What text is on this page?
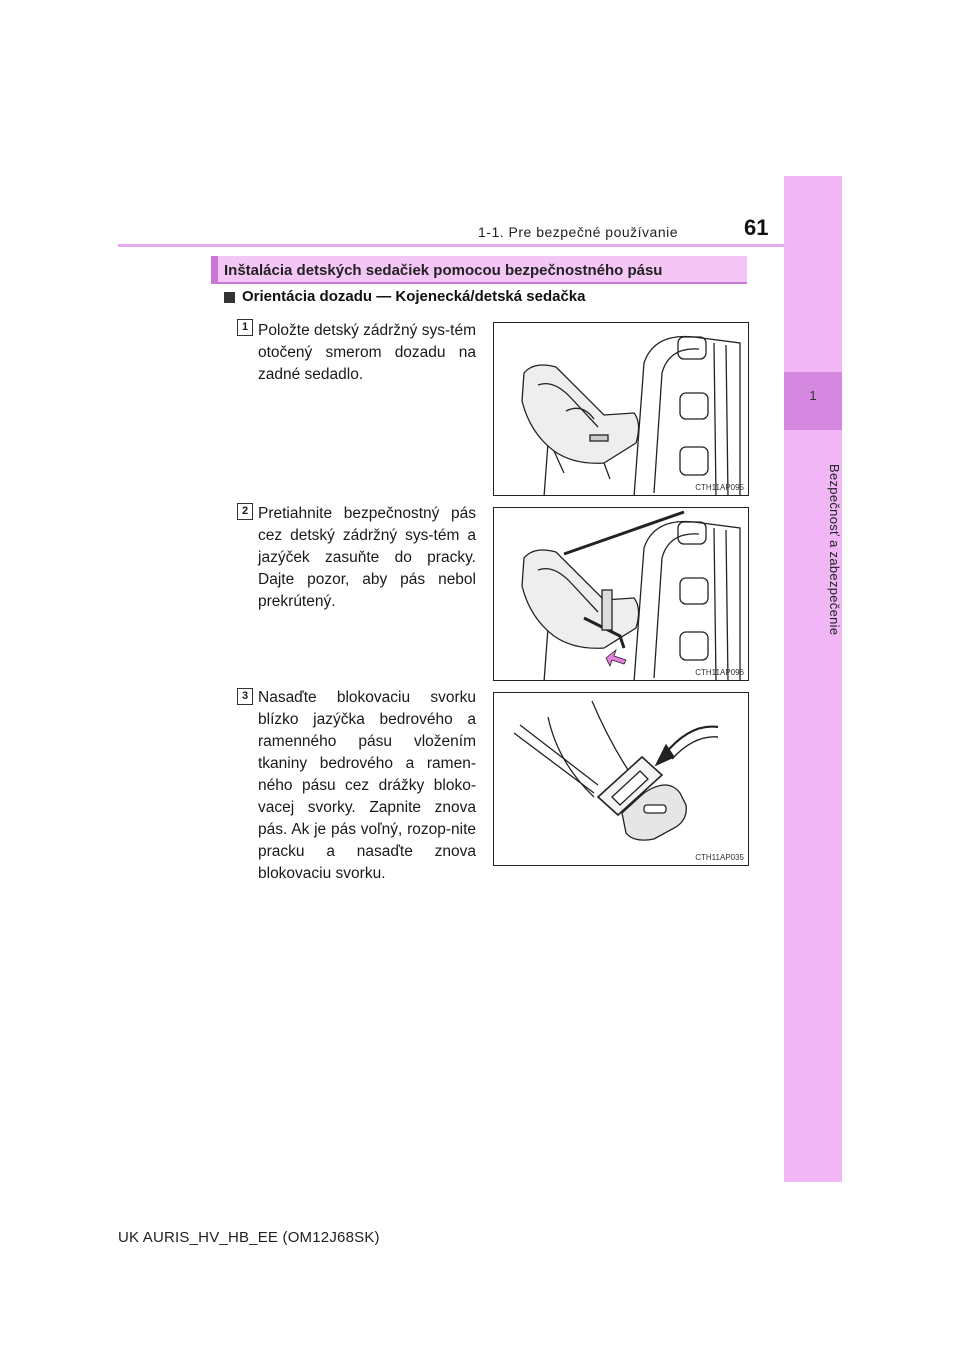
1-1. Pre bezpečné používanie	61
1
Bezpečnosť a zabezpečenie
Inštalácia detských sedačiek pomocou bezpečnostného pásu
Orientácia dozadu — Kojenecká/detská sedačka
1 Položte detský zádržný sys-tém otočený smerom dozadu na zadné sedadlo.
CTH11AP095
2 Pretiahnite bezpečnostný pás cez detský zádržný sys-tém a jazýček zasuňte do pracky. Dajte pozor, aby pás nebol prekrútený.
CTH11AP096
3 Nasaďte blokovaciu svorku blízko jazýčka bedrového a ramenného pásu vložením tkaniny bedrového a ramen-ného pásu cez drážky bloko-vacej svorky. Zapnite znova pás. Ak je pás voľný, rozop-nite pracku a nasaďte znova blokovaciu svorku.
CTH11AP035
UK AURIS_HV_HB_EE (OM12J68SK)
